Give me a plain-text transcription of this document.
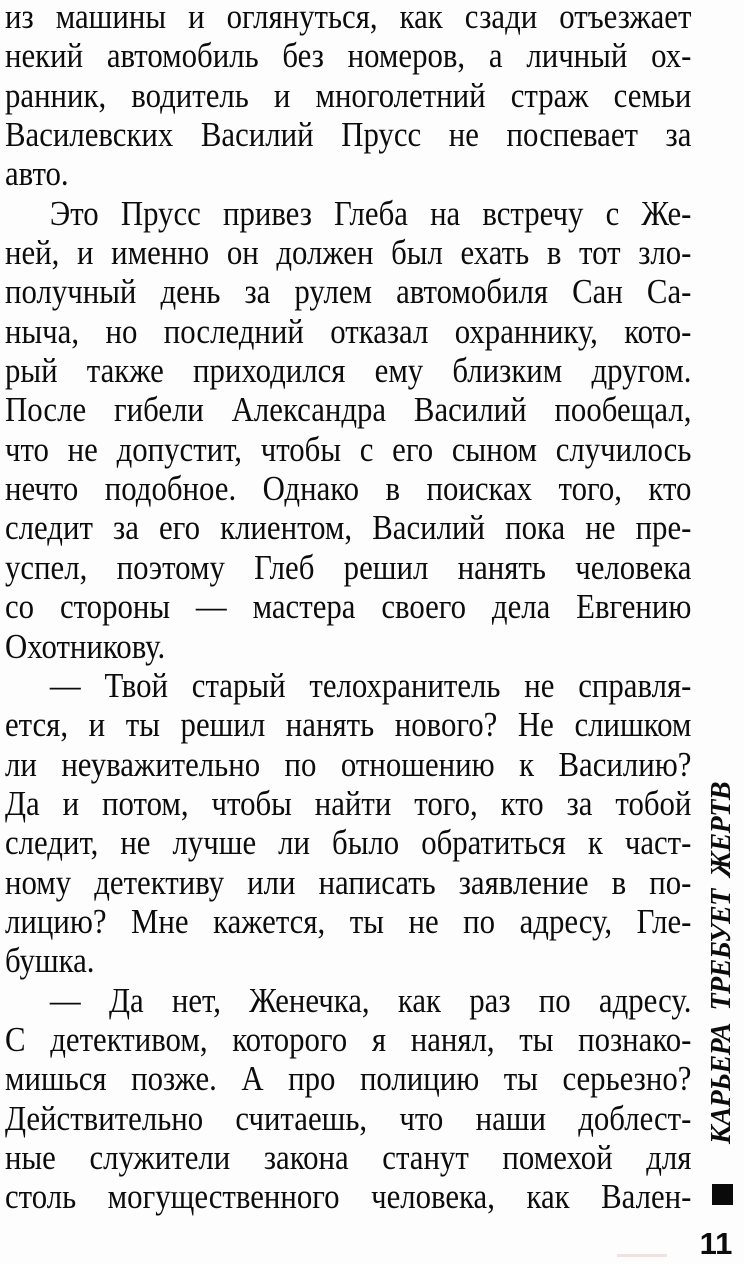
из машины и оглянуться, как сзади отъезжает
некий автомобиль без номеров, а личный ох-
ранник, водитель и многолетний страж семьи
Василевских Василий Прусс не поспевает за
авто.
Это Прусс привез Глеба на встречу с Же-
ней, и именно он должен был ехать в тот зло-
получный день за рулем автомобиля Сан Са-
ныча, но последний отказал охраннику, кото-
рый также приходился ему близким другом.
После гибели Александра Василий пообещал,
что не допустит, чтобы с его сыном случилось
нечто подобное. Однако в поисках того, кто
следит за его клиентом, Василий пока не пре-
успел, поэтому Глеб решил нанять человека
со стороны — мастера своего дела Евгению
Охотникову.
— Твой старый телохранитель не справля-
ется, и ты решил нанять нового? Не слишком
ли неуважительно по отношению к Василию?
Да и потом, чтобы найти того, кто за тобой
следит, не лучше ли было обратиться к част-
ному детективу или написать заявление в по-
лицию? Мне кажется, ты не по адресу, Гле-
бушка.
— Да нет, Женечка, как раз по адресу.
С детективом, которого я нанял, ты познако-
мишься позже. А про полицию ты серьезно?
Действительно считаешь, что наши доблест-
ные служители закона станут помехой для
столь могущественного человека, как Вален-
КАРЬЕРА ТРЕБУЕТ ЖЕРТВ
11
